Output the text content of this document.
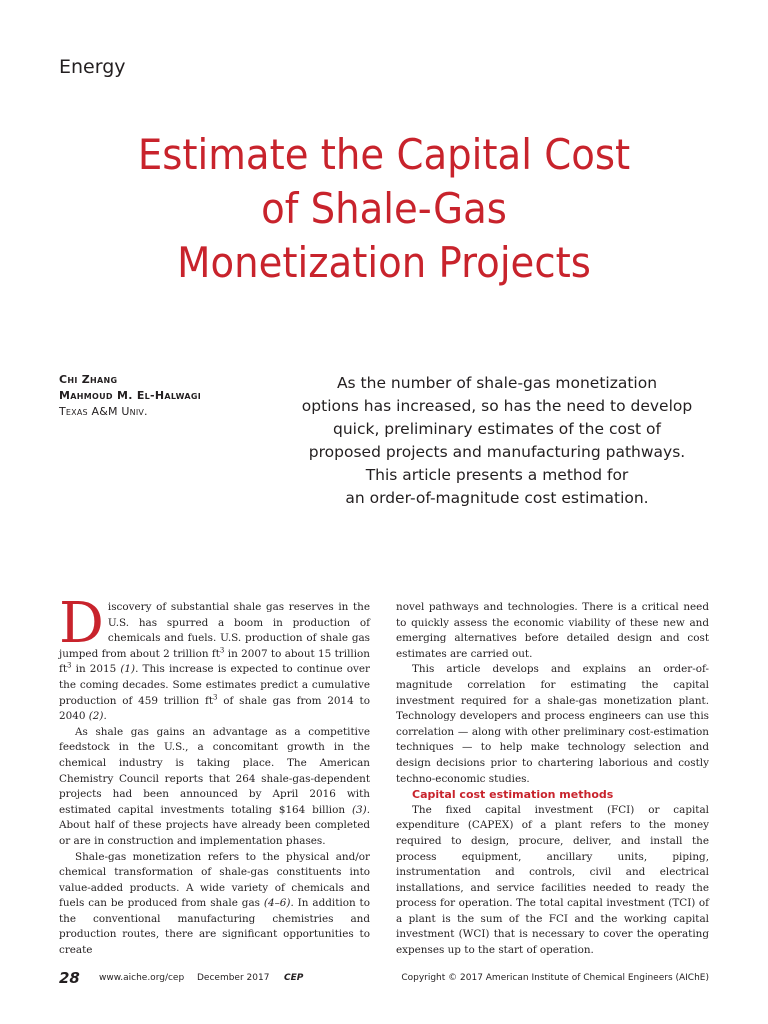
Energy
Estimate the Capital Cost
of Shale-Gas
Monetization Projects
Chi Zhang
Mahmoud M. El-Halwagi
Texas A&M Univ.
As the number of shale-gas monetization
options has increased, so has the need to develop
quick, preliminary estimates of the cost of
proposed projects and manufacturing pathways.
This article presents a method for
an order-of-magnitude cost estimation.

Discovery of substantial shale gas reserves in the U.S. has spurred a boom in production of chemicals and fuels. U.S. production of shale gas jumped from about 2 trillion $ft^3$ in 2007 to about 15 trillion $ft^3$ in 2015 (1). This increase is expected to continue over the coming decades. Some estimates predict a cumulative production of 459 trillion $ft^3$ of shale gas from 2014 to 2040 (2).

As shale gas gains an advantage as a competitive feedstock in the U.S., a concomitant growth in the chemical industry is taking place. The American Chemistry Council reports that 264 shale-gas-dependent projects had been announced by April 2016 with estimated capital investments totaling $164 billion (3). About half of these projects have already been completed or are in construction and implementation phases.

Shale-gas monetization refers to the physical and/or chemical transformation of shale-gas constituents into value-added products. A wide variety of chemicals and fuels can be produced from shale gas (4–6). In addition to the conventional manufacturing chemistries and production routes, there are significant opportunities to create

novel pathways and technologies. There is a critical need to quickly assess the economic viability of these new and emerging alternatives before detailed design and cost estimates are carried out.

This article develops and explains an order-of-magnitude correlation for estimating the capital investment required for a shale-gas monetization plant. Technology developers and process engineers can use this correlation — along with other preliminary cost-estimation techniques — to help make technology selection and design decisions prior to chartering laborious and costly techno-economic studies.

Capital cost estimation methods

The fixed capital investment (FCI) or capital expenditure (CAPEX) of a plant refers to the money required to design, procure, deliver, and install the process equipment, ancillary units, piping, instrumentation and controls, civil and electrical installations, and service facilities needed to ready the process for operation. The total capital investment (TCI) of a plant is the sum of the FCI and the working capital investment (WCI) that is necessary to cover the operating expenses up to the start of operation.

28 www.aiche.org/cep December 2017 CEP	Copyright © 2017 American Institute of Chemical Engineers (AIChE)
